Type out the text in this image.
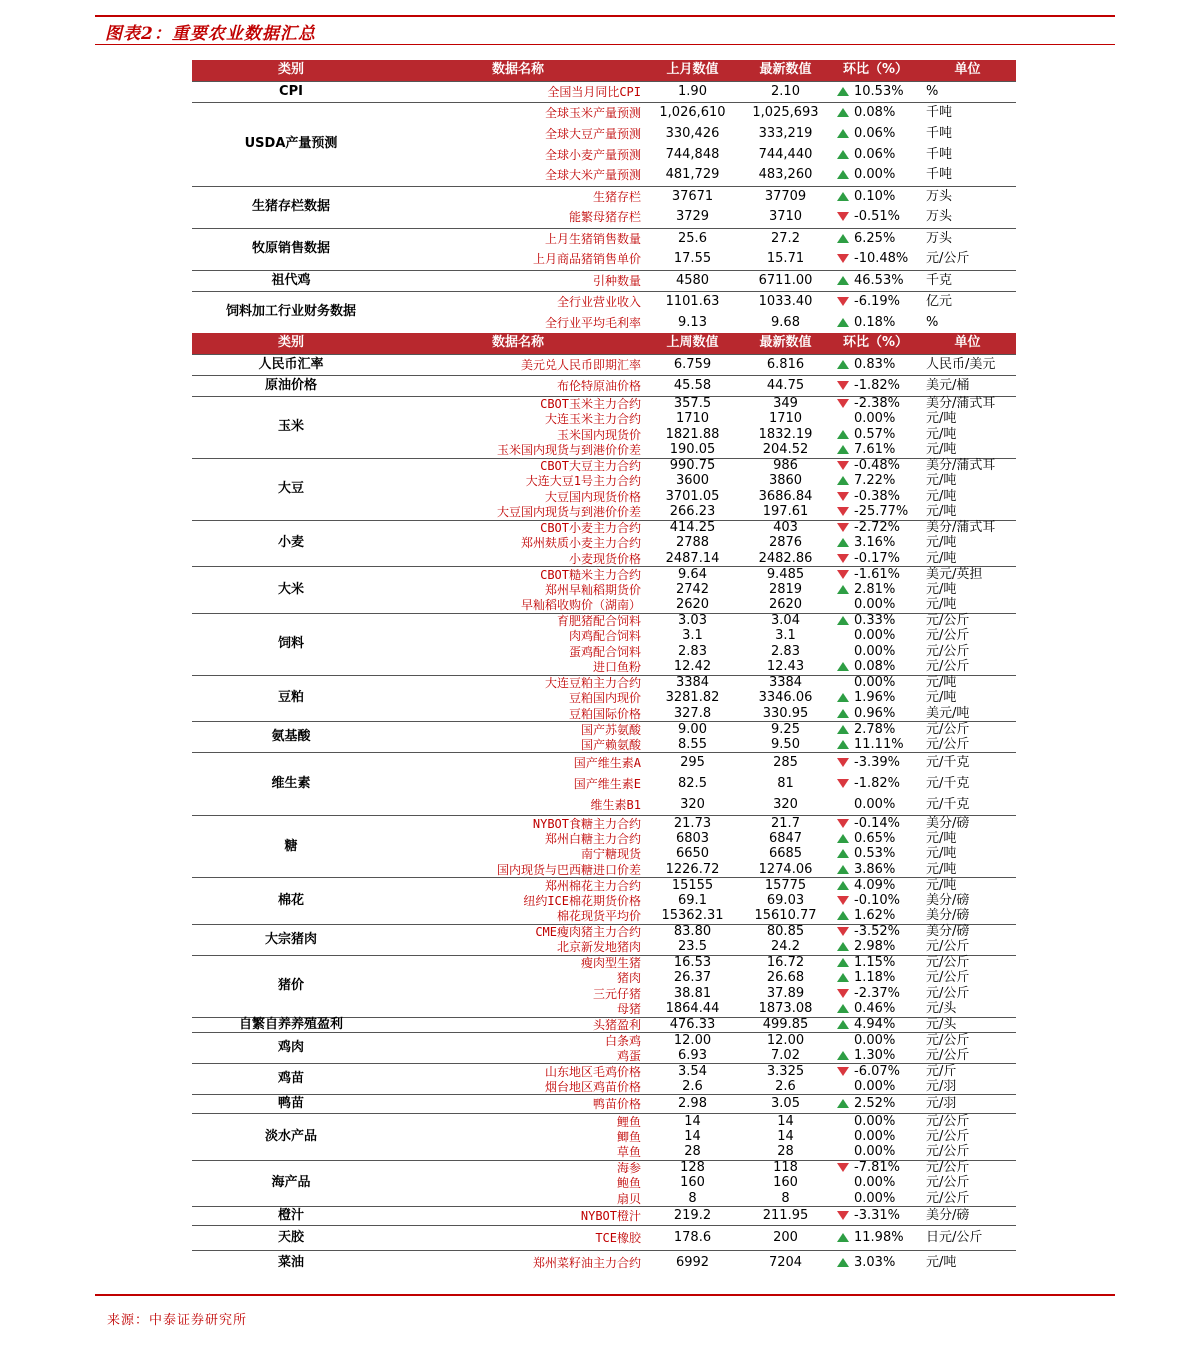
图表2：重要农业数据汇总
类别	数据名称	上月数值	最新数值	环比（%）	单位
CPI	全国当月同比CPI	1.90	2.10	10.53%	%
USDA产量预测	全球玉米产量预测	1,026,610	1,025,693	0.08%	千吨
	全球大豆产量预测	330,426	333,219	0.06%	千吨
	全球小麦产量预测	744,848	744,440	0.06%	千吨
	全球大米产量预测	481,729	483,260	0.00%	千吨
生猪存栏数据	生猪存栏	37671	37709	0.10%	万头
	能繁母猪存栏	3729	3710	-0.51%	万头
牧原销售数据	上月生猪销售数量	25.6	27.2	6.25%	万头
	上月商品猪销售单价	17.55	15.71	-10.48%	元/公斤
祖代鸡	引种数量	4580	6711.00	46.53%	千克
饲料加工行业财务数据	全行业营业收入	1101.63	1033.40	-6.19%	亿元
	全行业平均毛利率	9.13	9.68	0.18%	%
类别	数据名称	上周数值	最新数值	环比（%）	单位
人民币汇率	美元兑人民币即期汇率	6.759	6.816	0.83%	人民币/美元
原油价格	布伦特原油价格	45.58	44.75	-1.82%	美元/桶
玉米	CBOT玉米主力合约	357.5	349	-2.38%	美分/蒲式耳
	大连玉米主力合约	1710	1710	0.00%	元/吨
	玉米国内现货价	1821.88	1832.19	0.57%	元/吨
	玉米国内现货与到港价价差	190.05	204.52	7.61%	元/吨
大豆	CBOT大豆主力合约	990.75	986	-0.48%	美分/蒲式耳
	大连大豆1号主力合约	3600	3860	7.22%	元/吨
	大豆国内现货价格	3701.05	3686.84	-0.38%	元/吨
	大豆国内现货与到港价价差	266.23	197.61	-25.77%	元/吨
小麦	CBOT小麦主力合约	414.25	403	-2.72%	美分/蒲式耳
	郑州麸质小麦主力合约	2788	2876	3.16%	元/吨
	小麦现货价格	2487.14	2482.86	-0.17%	元/吨
大米	CBOT糙米主力合约	9.64	9.485	-1.61%	美元/英担
	郑州早籼稻期货价	2742	2819	2.81%	元/吨
	早籼稻收购价（湖南）	2620	2620	0.00%	元/吨
饲料	育肥猪配合饲料	3.03	3.04	0.33%	元/公斤
	肉鸡配合饲料	3.1	3.1	0.00%	元/公斤
	蛋鸡配合饲料	2.83	2.83	0.00%	元/公斤
	进口鱼粉	12.42	12.43	0.08%	元/公斤
豆粕	大连豆粕主力合约	3384	3384	0.00%	元/吨
	豆粕国内现价	3281.82	3346.06	1.96%	元/吨
	豆粕国际价格	327.8	330.95	0.96%	美元/吨
氨基酸	国产苏氨酸	9.00	9.25	2.78%	元/公斤
	国产赖氨酸	8.55	9.50	11.11%	元/公斤
维生素	国产维生素A	295	285	-3.39%	元/千克
	国产维生素E	82.5	81	-1.82%	元/千克
	维生素B1	320	320	0.00%	元/千克
糖	NYBOT食糖主力合约	21.73	21.7	-0.14%	美分/磅
	郑州白糖主力合约	6803	6847	0.65%	元/吨
	南宁糖现货	6650	6685	0.53%	元/吨
	国内现货与巴西糖进口价差	1226.72	1274.06	3.86%	元/吨
棉花	郑州棉花主力合约	15155	15775	4.09%	元/吨
	纽约ICE棉花期货价格	69.1	69.03	-0.10%	美分/磅
	棉花现货平均价	15362.31	15610.77	1.62%	美分/磅
大宗猪肉	CME瘦肉猪主力合约	83.80	80.85	-3.52%	美分/磅
	北京新发地猪肉	23.5	24.2	2.98%	元/公斤
猪价	瘦肉型生猪	16.53	16.72	1.15%	元/公斤
	猪肉	26.37	26.68	1.18%	元/公斤
	三元仔猪	38.81	37.89	-2.37%	元/公斤
	母猪	1864.44	1873.08	0.46%	元/头
自繁自养养殖盈利	头猪盈利	476.33	499.85	4.94%	元/头
鸡肉	白条鸡	12.00	12.00	0.00%	元/公斤
	鸡蛋	6.93	7.02	1.30%	元/公斤
鸡苗	山东地区毛鸡价格	3.54	3.325	-6.07%	元/斤
	烟台地区鸡苗价格	2.6	2.6	0.00%	元/羽
鸭苗	鸭苗价格	2.98	3.05	2.52%	元/羽
淡水产品	鲤鱼	14	14	0.00%	元/公斤
	鲫鱼	14	14	0.00%	元/公斤
	草鱼	28	28	0.00%	元/公斤
海产品	海参	128	118	-7.81%	元/公斤
	鲍鱼	160	160	0.00%	元/公斤
	扇贝	8	8	0.00%	元/公斤
橙汁	NYBOT橙汁	219.2	211.95	-3.31%	美分/磅
天胶	TCE橡胶	178.6	200	11.98%	日元/公斤
菜油	郑州菜籽油主力合约	6992	7204	3.03%	元/吨
来源：中泰证券研究所
